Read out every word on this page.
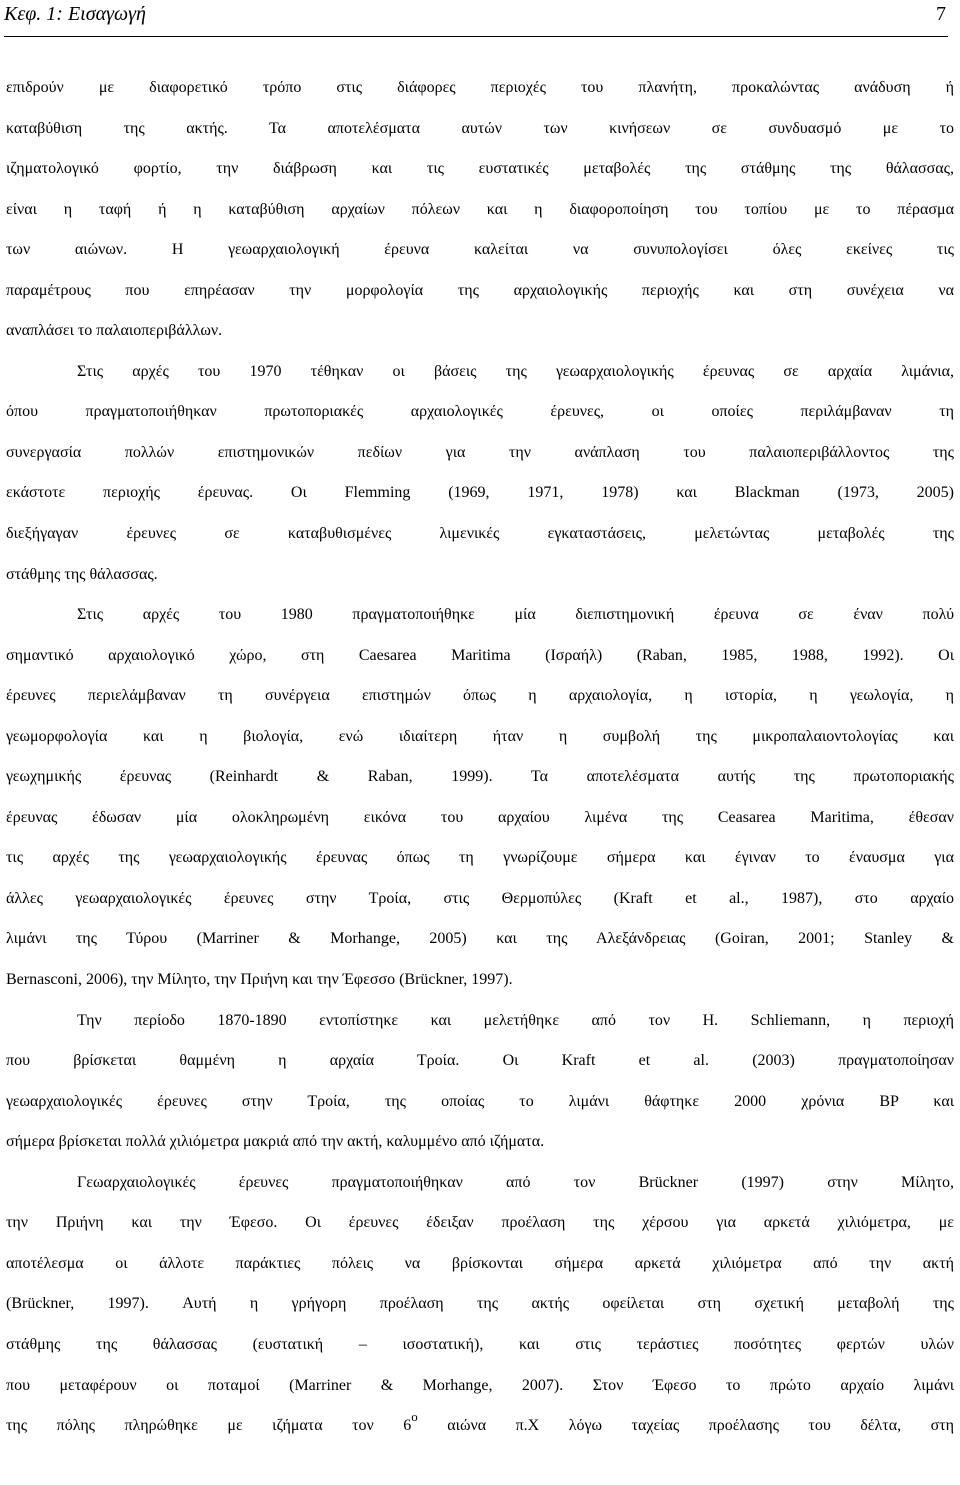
Κεφ. 1: Εισαγωγή	7
επιδρούν με διαφορετικό τρόπο στις διάφορες περιοχές του πλανήτη, προκαλώντας ανάδυση ή
καταβύθιση της ακτής. Τα αποτελέσματα αυτών των κινήσεων σε συνδυασμό με το
ιζηματολογικό φορτίο, την διάβρωση και τις ευστατικές μεταβολές της στάθμης της θάλασσας,
είναι η ταφή ή η καταβύθιση αρχαίων πόλεων και η διαφοροποίηση του τοπίου με το πέρασμα
των αιώνων. Η γεωαρχαιολογική έρευνα καλείται να συνυπολογίσει όλες εκείνες τις
παραμέτρους που επηρέασαν την μορφολογία της αρχαιολογικής περιοχής και στη συνέχεια να
αναπλάσει το παλαιοπεριβάλλων.
Στις αρχές του 1970 τέθηκαν οι βάσεις της γεωαρχαιολογικής έρευνας σε αρχαία λιμάνια,
όπου πραγματοποιήθηκαν πρωτοποριακές αρχαιολογικές έρευνες, οι οποίες περιλάμβαναν τη
συνεργασία πολλών επιστημονικών πεδίων για την ανάπλαση του παλαιοπεριβάλλοντος της
εκάστοτε περιοχής έρευνας. Οι Flemming (1969, 1971, 1978) και Blackman (1973, 2005)
διεξήγαγαν έρευνες σε καταβυθισμένες λιμενικές εγκαταστάσεις, μελετώντας μεταβολές της
στάθμης της θάλασσας.
Στις αρχές του 1980 πραγματοποιήθηκε μία διεπιστημονική έρευνα σε έναν πολύ
σημαντικό αρχαιολογικό χώρο, στη Caesarea Maritima (Ισραήλ) (Raban, 1985, 1988, 1992). Οι
έρευνες περιελάμβαναν τη συνέργεια επιστημών όπως η αρχαιολογία, η ιστορία, η γεωλογία, η
γεωμορφολογία και η βιολογία, ενώ ιδιαίτερη ήταν η συμβολή της μικροπαλαιοντολογίας και
γεωχημικής έρευνας (Reinhardt & Raban, 1999). Τα αποτελέσματα αυτής της πρωτοποριακής
έρευνας έδωσαν μία ολοκληρωμένη εικόνα του αρχαίου λιμένα της Ceasarea Maritima, έθεσαν
τις αρχές της γεωαρχαιολογικής έρευνας όπως τη γνωρίζουμε σήμερα και έγιναν το έναυσμα για
άλλες γεωαρχαιολογικές έρευνες στην Τροία, στις Θερμοπύλες (Kraft et al., 1987), στο αρχαίο
λιμάνι της Τύρου (Marriner & Morhange, 2005) και της Αλεξάνδρειας (Goiran, 2001; Stanley &
Bernasconi, 2006), την Μίλητο, την Πριήνη και την Έφεσσο (Brückner, 1997).
Την περίοδο 1870-1890 εντοπίστηκε και μελετήθηκε από τον H. Schliemann, η περιοχή
που βρίσκεται θαμμένη η αρχαία Τροία. Οι Kraft et al. (2003) πραγματοποίησαν
γεωαρχαιολογικές έρευνες στην Τροία, της οποίας το λιμάνι θάφτηκε 2000 χρόνια BP και
σήμερα βρίσκεται πολλά χιλιόμετρα μακριά από την ακτή, καλυμμένο από ιζήματα.
Γεωαρχαιολογικές έρευνες πραγματοποιήθηκαν από τον Brückner (1997) στην Μίλητο,
την Πριήνη και την Έφεσο. Οι έρευνες έδειξαν προέλαση της χέρσου για αρκετά χιλιόμετρα, με
αποτέλεσμα οι άλλοτε παράκτιες πόλεις να βρίσκονται σήμερα αρκετά χιλιόμετρα από την ακτή
(Brückner, 1997). Αυτή η γρήγορη προέλαση της ακτής οφείλεται στη σχετική μεταβολή της
στάθμης της θάλασσας (ευστατική – ισοστατική), και στις τεράστιες ποσότητες φερτών υλών
που μεταφέρουν οι ποταμοί (Marriner & Morhange, 2007). Στον Έφεσο το πρώτο αρχαίο λιμάνι
της πόλης πληρώθηκε με ιζήματα τον $6^o$ αιώνα π.Χ λόγω ταχείας προέλασης του δέλτα, στη
